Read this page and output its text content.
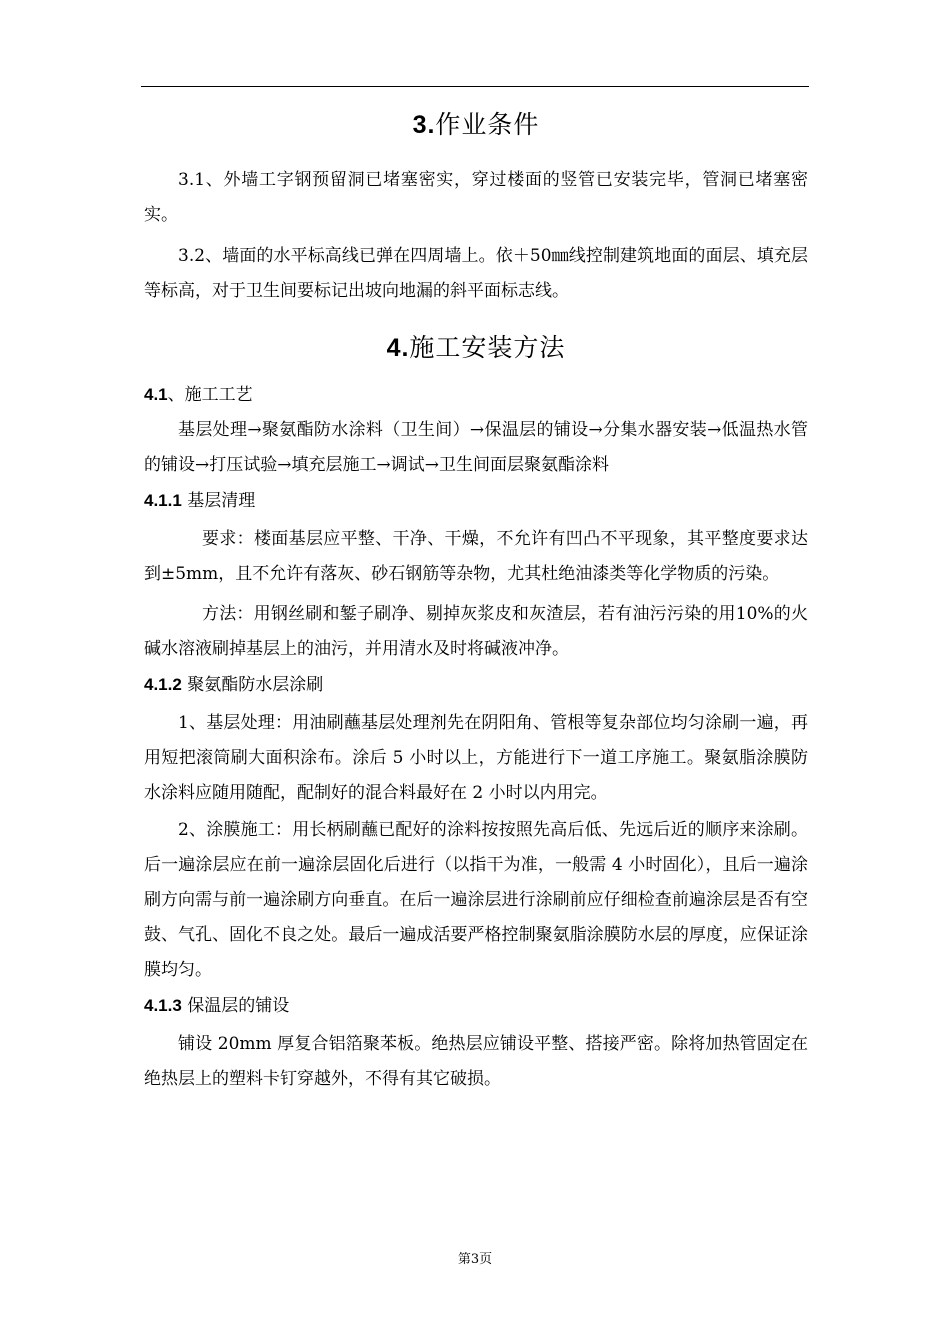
3.作业条件

3.1、外墙工字钢预留洞已堵塞密实，穿过楼面的竖管已安装完毕，管洞已堵塞密实。

3.2、墙面的水平标高线已弹在四周墙上。依＋50㎜线控制建筑地面的面层、填充层等标高，对于卫生间要标记出坡向地漏的斜平面标志线。

4.施工安装方法

4.1、施工工艺

基层处理→聚氨酯防水涂料（卫生间）→保温层的铺设→分集水器安装→低温热水管的铺设→打压试验→填充层施工→调试→卫生间面层聚氨酯涂料

4.1.1 基层清理

要求：楼面基层应平整、干净、干燥，不允许有凹凸不平现象，其平整度要求达到±5mm，且不允许有落灰、砂石钢筋等杂物，尤其杜绝油漆类等化学物质的污染。

方法：用钢丝刷和錾子刷净、剔掉灰浆皮和灰渣层，若有油污污染的用10%的火碱水溶液刷掉基层上的油污，并用清水及时将碱液冲净。

4.1.2 聚氨酯防水层涂刷

1、基层处理：用油刷蘸基层处理剂先在阴阳角、管根等复杂部位均匀涂刷一遍，再用短把滚筒刷大面积涂布。涂后 5 小时以上，方能进行下一道工序施工。聚氨脂涂膜防水涂料应随用随配，配制好的混合料最好在 2 小时以内用完。

2、涂膜施工：用长柄刷蘸已配好的涂料按按照先高后低、先远后近的顺序来涂刷。后一遍涂层应在前一遍涂层固化后进行（以指干为准，一般需 4 小时固化），且后一遍涂刷方向需与前一遍涂刷方向垂直。在后一遍涂层进行涂刷前应仔细检查前遍涂层是否有空鼓、气孔、固化不良之处。最后一遍成活要严格控制聚氨脂涂膜防水层的厚度，应保证涂膜均匀。

4.1.3 保温层的铺设

铺设 20mm 厚复合铝箔聚苯板。绝热层应铺设平整、搭接严密。除将加热管固定在绝热层上的塑料卡钉穿越外，不得有其它破损。

第3页
